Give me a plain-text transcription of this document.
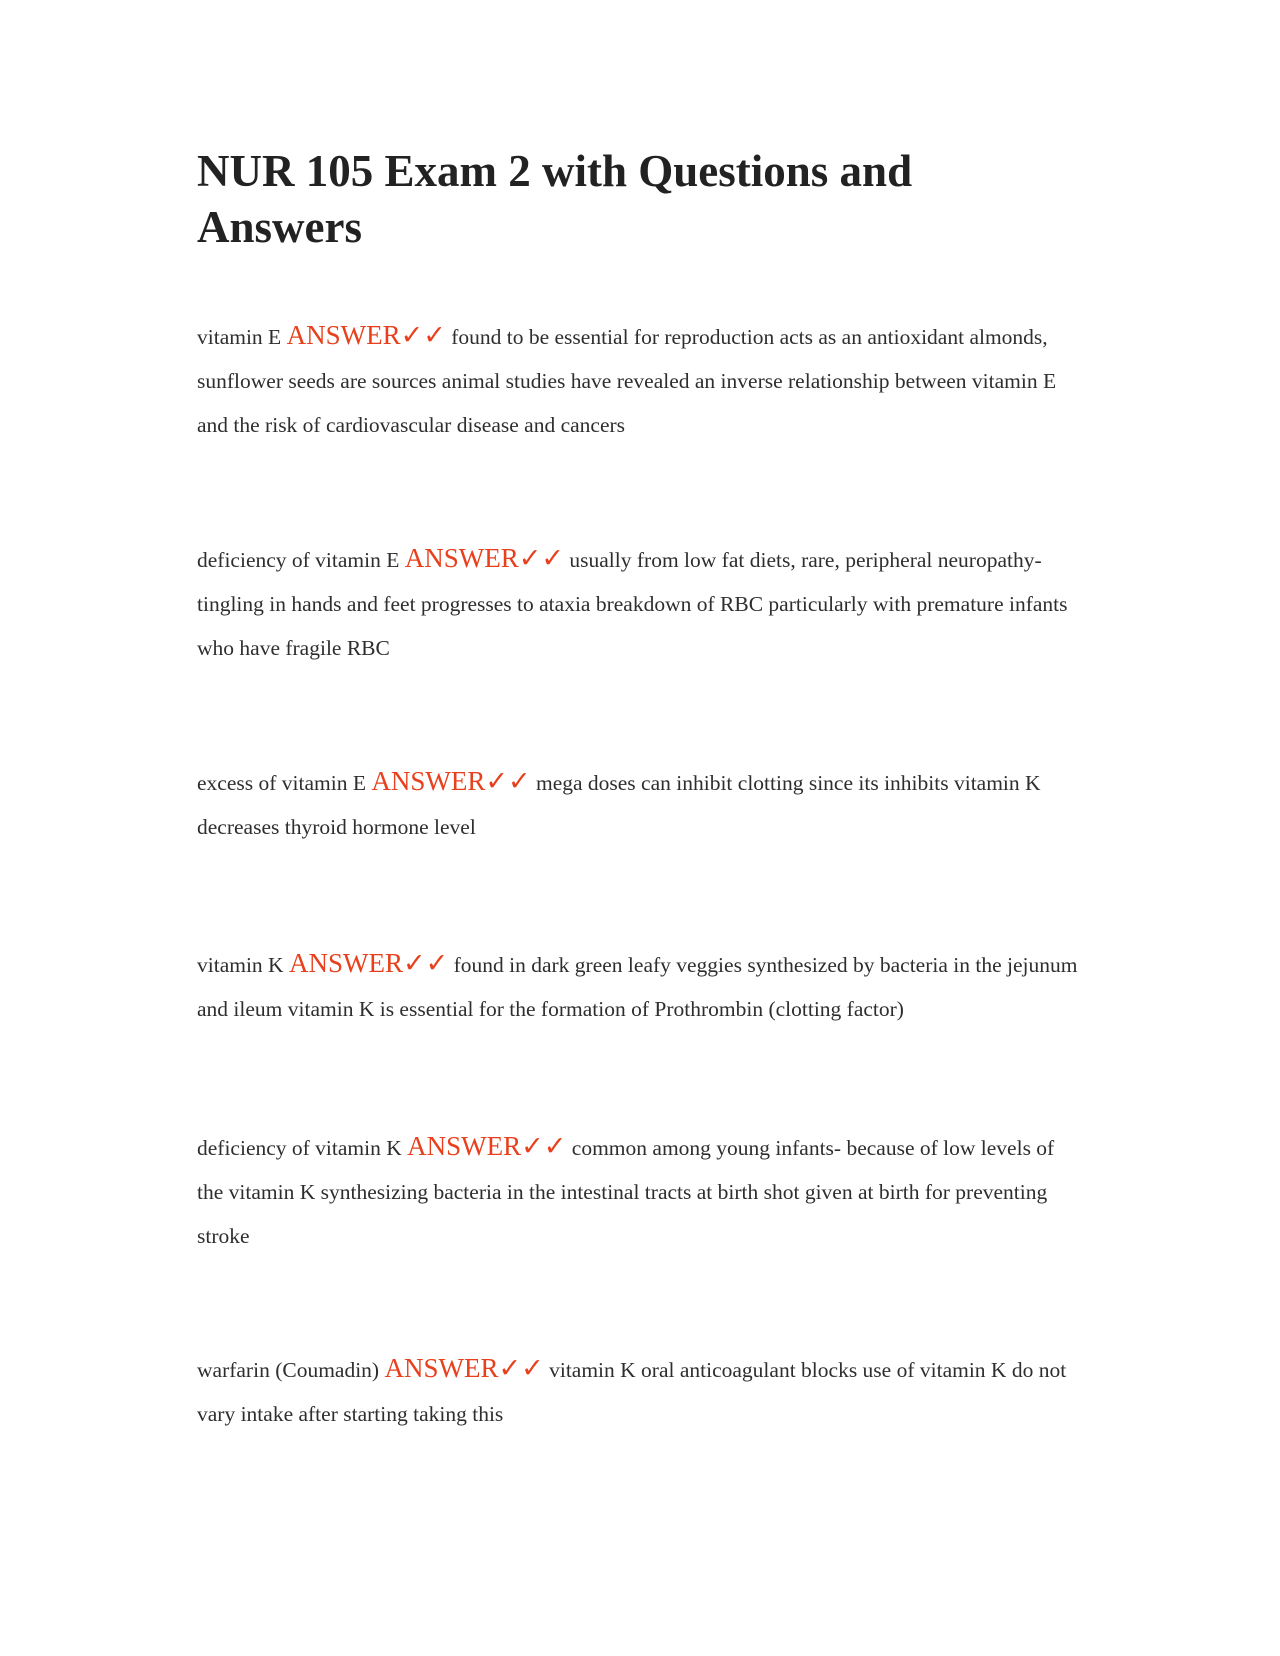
NUR 105 Exam 2 with Questions and Answers

vitamin E ANSWER✓✓ found to be essential for reproduction acts as an antioxidant almonds, sunflower seeds are sources animal studies have revealed an inverse relationship between vitamin E and the risk of cardiovascular disease and cancers

deficiency of vitamin E ANSWER✓✓ usually from low fat diets, rare, peripheral neuropathy- tingling in hands and feet progresses to ataxia breakdown of RBC particularly with premature infants who have fragile RBC

excess of vitamin E ANSWER✓✓ mega doses can inhibit clotting since its inhibits vitamin K decreases thyroid hormone level

vitamin K ANSWER✓✓ found in dark green leafy veggies synthesized by bacteria in the jejunum and ileum vitamin K is essential for the formation of Prothrombin (clotting factor)

deficiency of vitamin K ANSWER✓✓ common among young infants- because of low levels of the vitamin K synthesizing bacteria in the intestinal tracts at birth shot given at birth for preventing stroke

warfarin (Coumadin) ANSWER✓✓ vitamin K oral anticoagulant blocks use of vitamin K do not vary intake after starting taking this
